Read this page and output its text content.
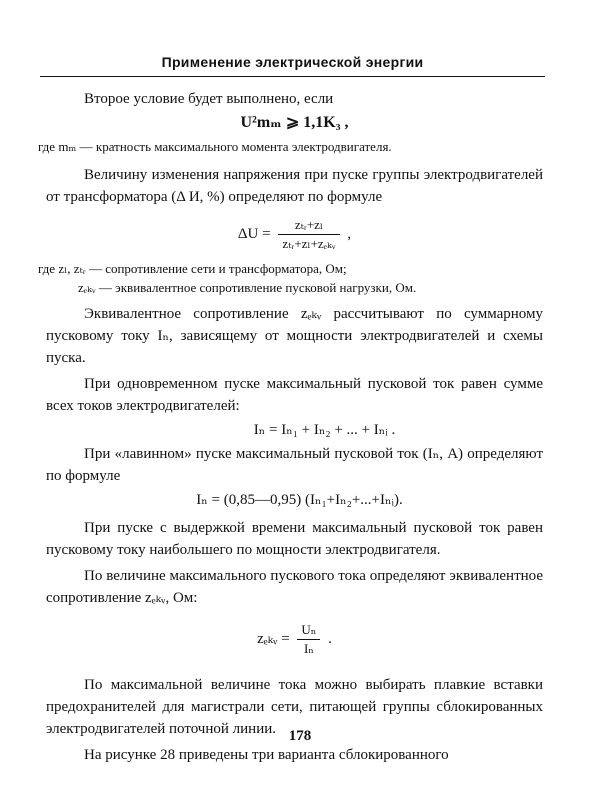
Применение электрической энергии

Второе условие будет выполнено, если

U²mₘ ⩾ 1,1K₃ ,

где mₘ — кратность максимального момента электродвигателя.

Величину изменения напряжения при пуске группы электродвигателей от трансформатора (Δ И, %) определяют по формуле

$\Delta U = \frac{\text{zₜᵣ+zₗ}}{\text{zₜᵣ+zₗ+zₑₖᵥ}}$ ,

где zₗ, zₜᵣ — сопротивление сети и трансформатора, Ом;

zₑₖᵥ — эквивалентное сопротивление пусковой нагрузки, Ом.

Эквивалентное сопротивление zₑₖᵥ рассчитывают по суммарному пусковому току Iₙ, зависящему от мощности электродвигателей и схемы пуска.

При одновременном пуске максимальный пусковой ток равен сумме всех токов электродвигателей:

Iₙ = Iₙ₁ + Iₙ₂ + ... + Iₙᵢ .

При «лавинном» пуске максимальный пусковой ток (Iₙ, А) определяют по формуле

Iₙ = (0,85—0,95) (Iₙ₁+Iₙ₂+...+Iₙᵢ).

При пуске с выдержкой времени максимальный пусковой ток равен пусковому току наибольшего по мощности электродвигателя.

По величине максимального пускового тока определяют эквивалентное сопротивление zₑₖᵥ, Ом:

zₑₖᵥ = $\frac{\text{Uₙ}}{\text{Iₙ}}$ .

По максимальной величине тока можно выбирать плавкие вставки предохранителей для магистрали сети, питающей группы сблокированных электродвигателей поточной линии.

На рисунке 28 приведены три варианта сблокированного

178
